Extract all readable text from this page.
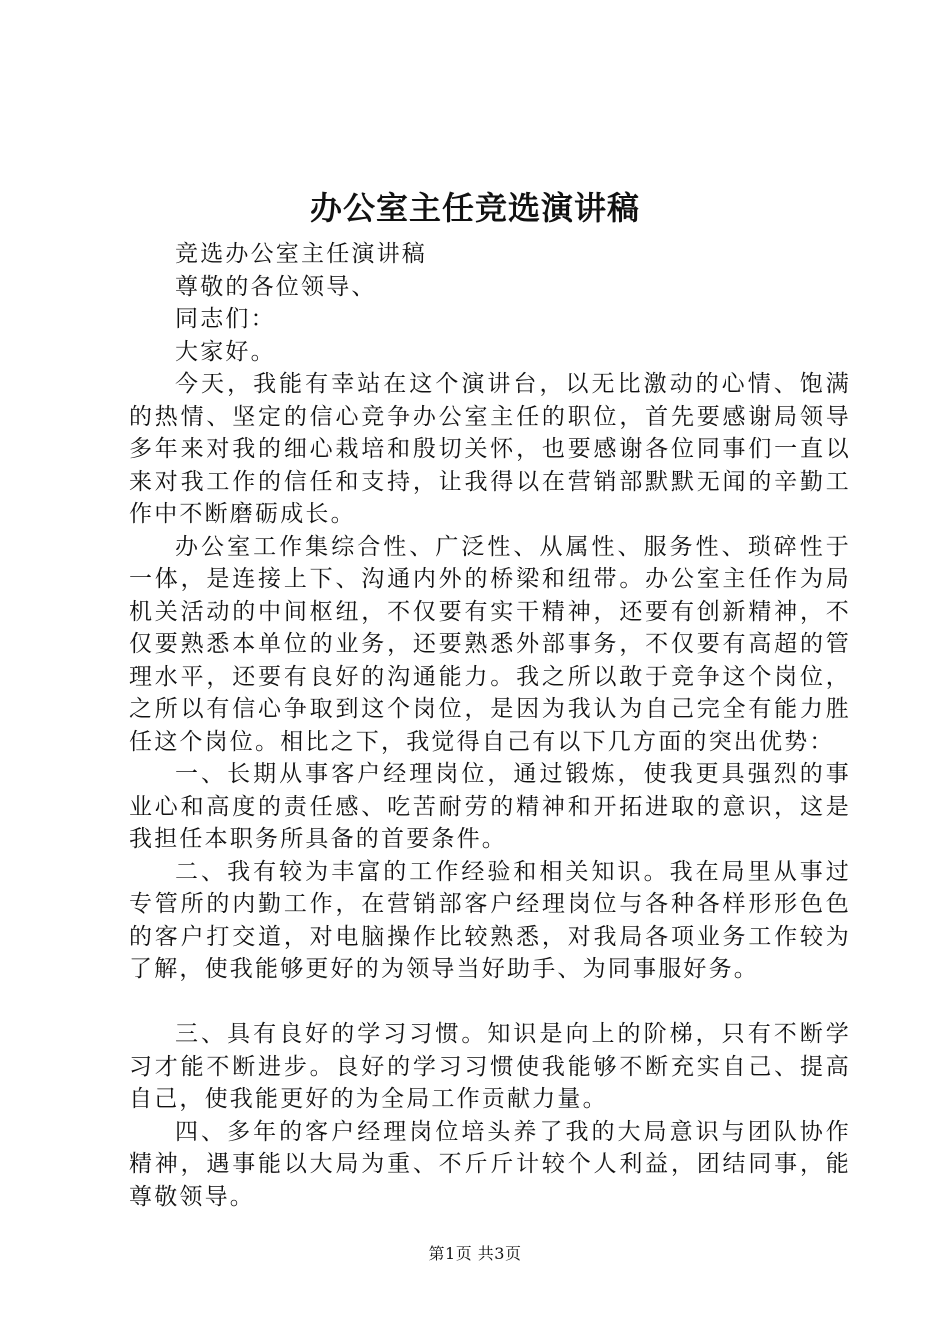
办公室主任竞选演讲稿

竞选办公室主任演讲稿

尊敬的各位领导、

同志们：

大家好。

今天，我能有幸站在这个演讲台，以无比激动的心情、饱满的热情、坚定的信心竞争办公室主任的职位，首先要感谢局领导多年来对我的细心栽培和殷切关怀，也要感谢各位同事们一直以来对我工作的信任和支持，让我得以在营销部默默无闻的辛勤工作中不断磨砺成长。

办公室工作集综合性、广泛性、从属性、服务性、琐碎性于一体，是连接上下、沟通内外的桥梁和纽带。办公室主任作为局机关活动的中间枢纽，不仅要有实干精神，还要有创新精神，不仅要熟悉本单位的业务，还要熟悉外部事务，不仅要有高超的管理水平，还要有良好的沟通能力。我之所以敢于竞争这个岗位，之所以有信心争取到这个岗位，是因为我认为自己完全有能力胜任这个岗位。相比之下，我觉得自己有以下几方面的突出优势：

一、长期从事客户经理岗位，通过锻炼，使我更具强烈的事业心和高度的责任感、吃苦耐劳的精神和开拓进取的意识，这是我担任本职务所具备的首要条件。

二、我有较为丰富的工作经验和相关知识。我在局里从事过专管所的内勤工作，在营销部客户经理岗位与各种各样形形色色的客户打交道，对电脑操作比较熟悉，对我局各项业务工作较为了解，使我能够更好的为领导当好助手、为同事服好务。

三、具有良好的学习习惯。知识是向上的阶梯，只有不断学习才能不断进步。良好的学习习惯使我能够不断充实自己、提高自己，使我能更好的为全局工作贡献力量。

四、多年的客户经理岗位培头养了我的大局意识与团队协作精神，遇事能以大局为重、不斤斤计较个人利益，团结同事，能尊敬领导。

第1页 共3页
